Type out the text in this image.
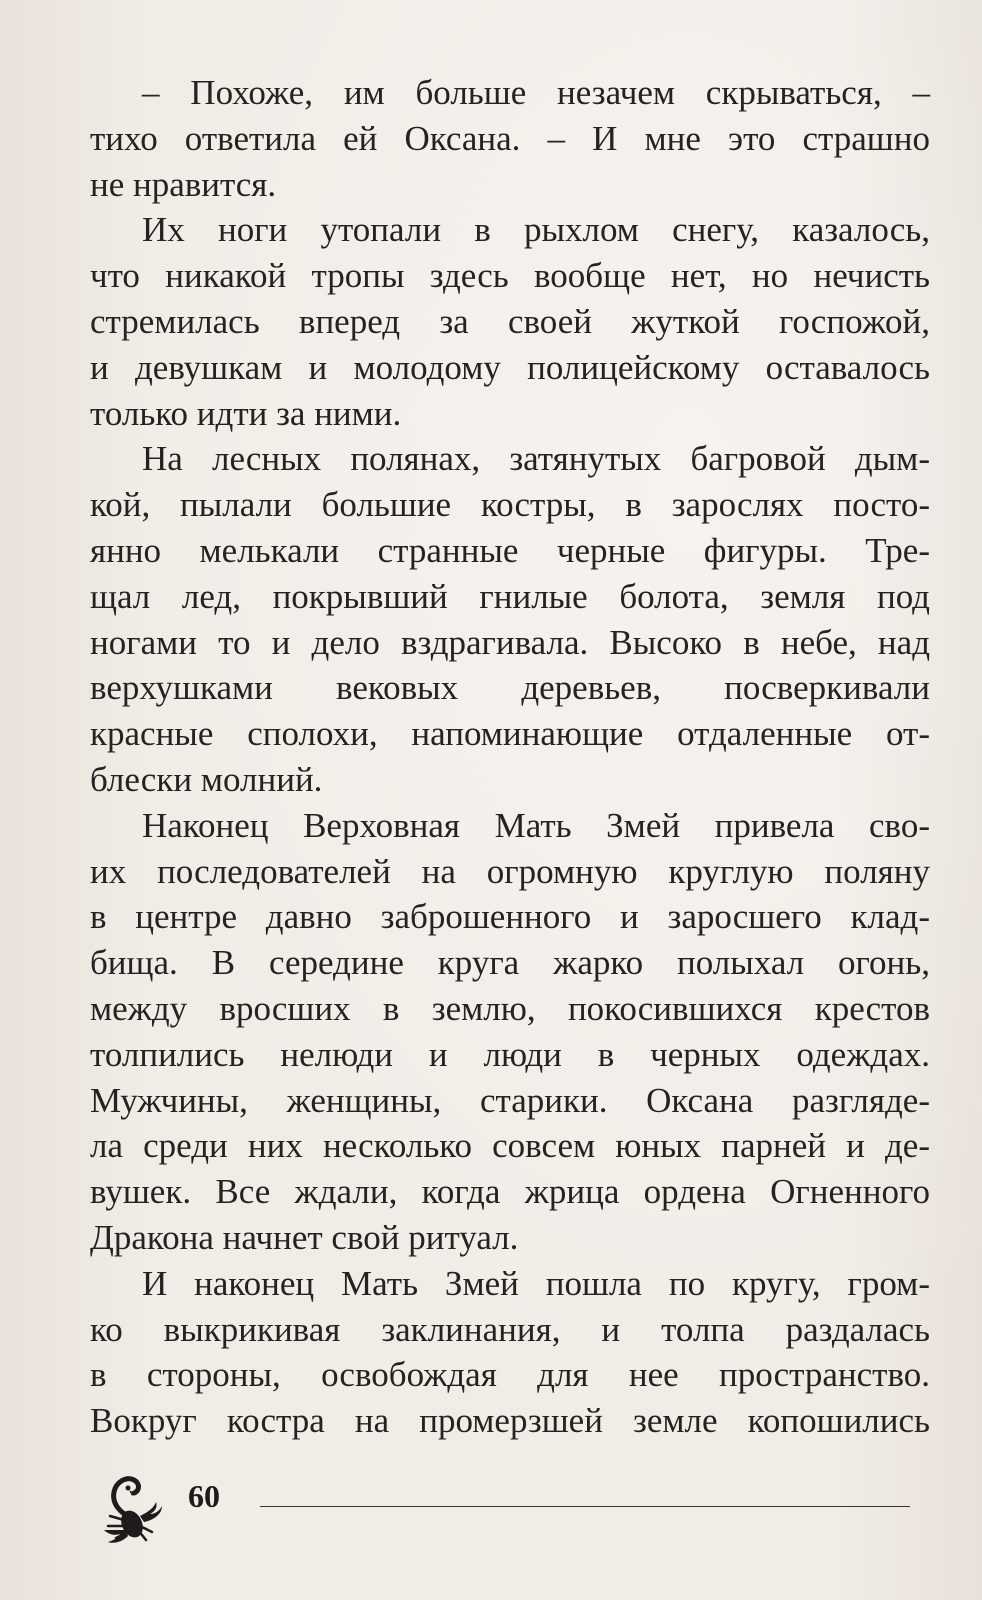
– Похоже, им больше незачем скрываться, –
тихо ответила ей Оксана. – И мне это страшно
не нравится.
Их ноги утопали в рыхлом снегу, казалось,
что никакой тропы здесь вообще нет, но нечисть
стремилась вперед за своей жуткой госпожой,
и девушкам и молодому полицейскому оставалось
только идти за ними.
На лесных полянах, затянутых багровой дым-
кой, пылали большие костры, в зарослях посто-
янно мелькали странные черные фигуры. Тре-
щал лед, покрывший гнилые болота, земля под
ногами то и дело вздрагивала. Высоко в небе, над
верхушками вековых деревьев, посверкивали
красные сполохи, напоминающие отдаленные от-
блески молний.
Наконец Верховная Мать Змей привела сво-
их последователей на огромную круглую поляну
в центре давно заброшенного и заросшего клад-
бища. В середине круга жарко полыхал огонь,
между вросших в землю, покосившихся крестов
толпились нелюди и люди в черных одеждах.
Мужчины, женщины, старики. Оксана разгляде-
ла среди них несколько совсем юных парней и де-
вушек. Все ждали, когда жрица ордена Огненного
Дракона начнет свой ритуал.
И наконец Мать Змей пошла по кругу, гром-
ко выкрикивая заклинания, и толпа раздалась
в стороны, освобождая для нее пространство.
Вокруг костра на промерзшей земле копошились
60
